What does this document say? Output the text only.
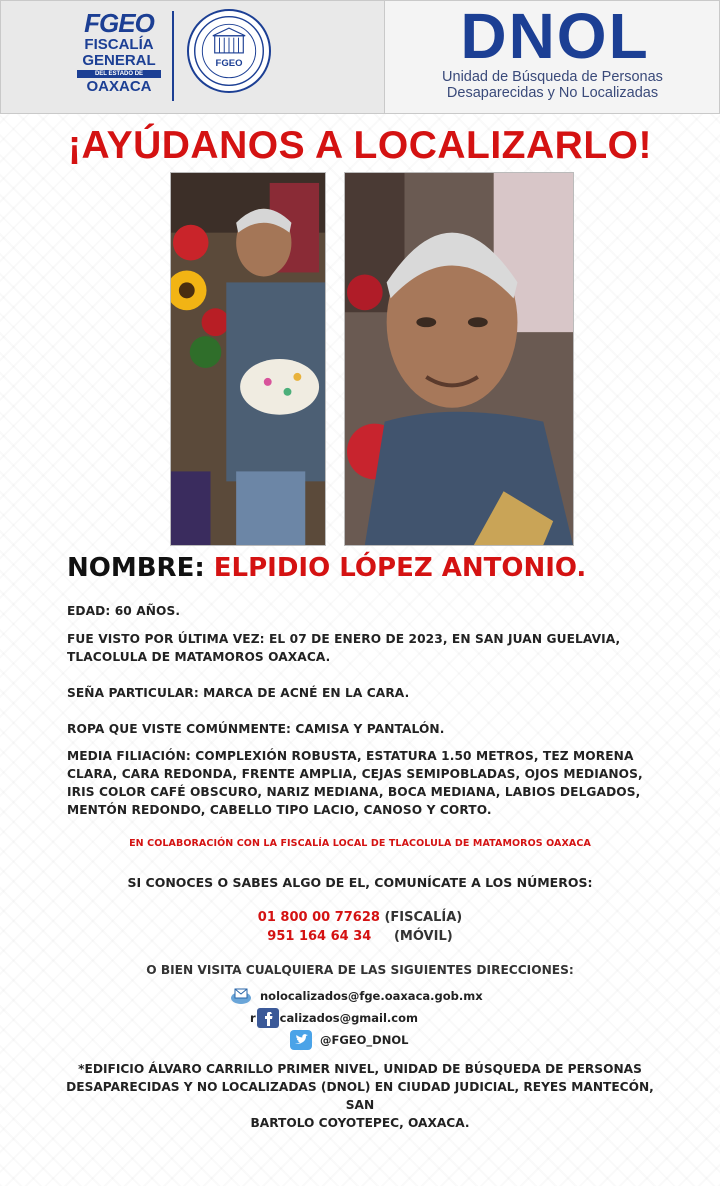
FGEO
FISCALÍA
GENERAL
DEL ESTADO DE
OAXACA
FGEO	DNOL
Unidad de Búsqueda de Personas
Desaparecidas y No Localizadas
¡AYÚDANOS A LOCALIZARLO!
NOMBRE: ELPIDIO LÓPEZ ANTONIO.
EDAD: 60 AÑOS.
FUE VISTO POR ÚLTIMA VEZ: EL 07 DE ENERO DE 2023, EN SAN JUAN GUELAVIA,
TLACOLULA DE MATAMOROS OAXACA.
SEÑA PARTICULAR: MARCA DE ACNÉ EN LA CARA.
ROPA QUE VISTE COMÚNMENTE: CAMISA Y PANTALÓN.
MEDIA FILIACIÓN: COMPLEXIÓN ROBUSTA, ESTATURA 1.50 METROS, TEZ MORENA
CLARA, CARA REDONDA, FRENTE AMPLIA, CEJAS SEMIPOBLADAS, OJOS MEDIANOS,
IRIS COLOR CAFÉ OBSCURO, NARIZ MEDIANA, BOCA MEDIANA, LABIOS DELGADOS,
MENTÓN REDONDO, CABELLO TIPO LACIO, CANOSO Y CORTO.
EN COLABORACIÓN CON LA FISCALÍA LOCAL DE TLACOLULA DE MATAMOROS OAXACA
SI CONOCES O SABES ALGO DE EL, COMUNÍCATE A LOS NÚMEROS:
01 800 00 77628 (FISCALÍA)
951 164 64 34     (MÓVIL)
O BIEN VISITA CUALQUIERA DE LAS SIGUIENTES DIRECCIONES:
nolocalizados@fge.oaxaca.gob.mx
r calizados@gmail.com
@FGEO_DNOL
*EDIFICIO ÁLVARO CARRILLO PRIMER NIVEL, UNIDAD DE BÚSQUEDA DE PERSONAS
DESAPARECIDAS Y NO LOCALIZADAS (DNOL) EN CIUDAD JUDICIAL, REYES MANTECÓN, SAN
BARTOLO COYOTEPEC, OAXACA.
